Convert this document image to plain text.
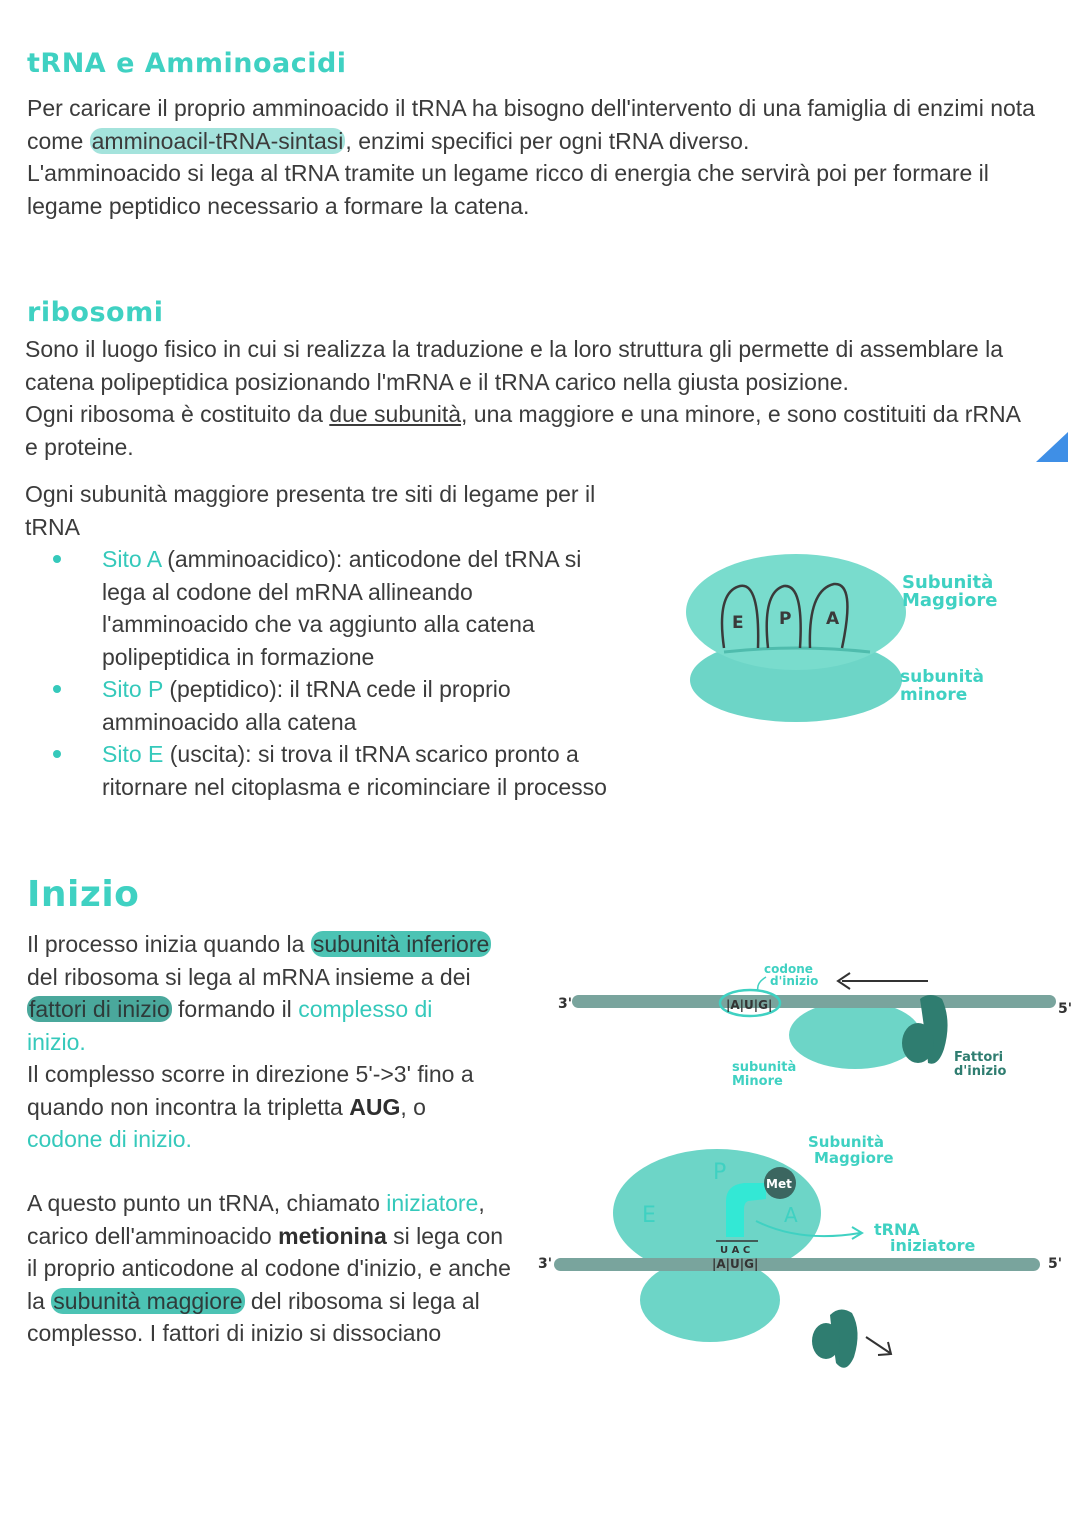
tRNA e Amminoacidi

Per caricare il proprio amminoacido il tRNA ha bisogno dell'intervento di una famiglia di enzimi nota come amminoacil-tRNA-sintasi, enzimi specifici per ogni tRNA diverso.

L'amminoacido si lega al tRNA tramite un legame ricco di energia che servirà poi per formare il legame peptidico necessario a formare la catena.

ribosomi

Sono il luogo fisico in cui si realizza la traduzione e la loro struttura gli permette di assemblare la catena polipeptidica posizionando l'mRNA e il tRNA carico nella giusta posizione.

Ogni ribosoma è costituito da due subunità, una maggiore e una minore, e sono costituiti da rRNA e proteine.

Ogni subunità maggiore presenta tre siti di legame per il tRNA

Sito A (amminoacidico): anticodone del tRNA si lega al codone del mRNA allineando l'amminoacido che va aggiunto alla catena polipeptidica in formazione
Sito P (peptidico): il tRNA cede il proprio amminoacido alla catena
Sito E (uscita): si trova il tRNA scarico pronto a ritornare nel citoplasma e ricominciare il processo
E P A
Subunità
Maggiore
subunità
minore
Inizio

Il processo inizia quando la subunità inferiore del ribosoma si lega al mRNA insieme a dei fattori di inizio formando il complesso di inizio.

Il complesso scorre in direzione 5'->3' fino a quando non incontra la tripletta AUG, o codone di inizio.

A questo punto un tRNA, chiamato iniziatore, carico dell'amminoacido metionina si lega con il proprio anticodone al codone d'inizio, e anche la subunità maggiore del ribosoma si lega al complesso. I fattori di inizio si dissociano

3'	5'
|A|U|G|
codone
d'inizio
subunità
Minore
Fattori
d'inizio
3'	5'
Met
P
E	A
U A C
|A|U|G|
tRNA
iniziatore
Subunità
Maggiore
